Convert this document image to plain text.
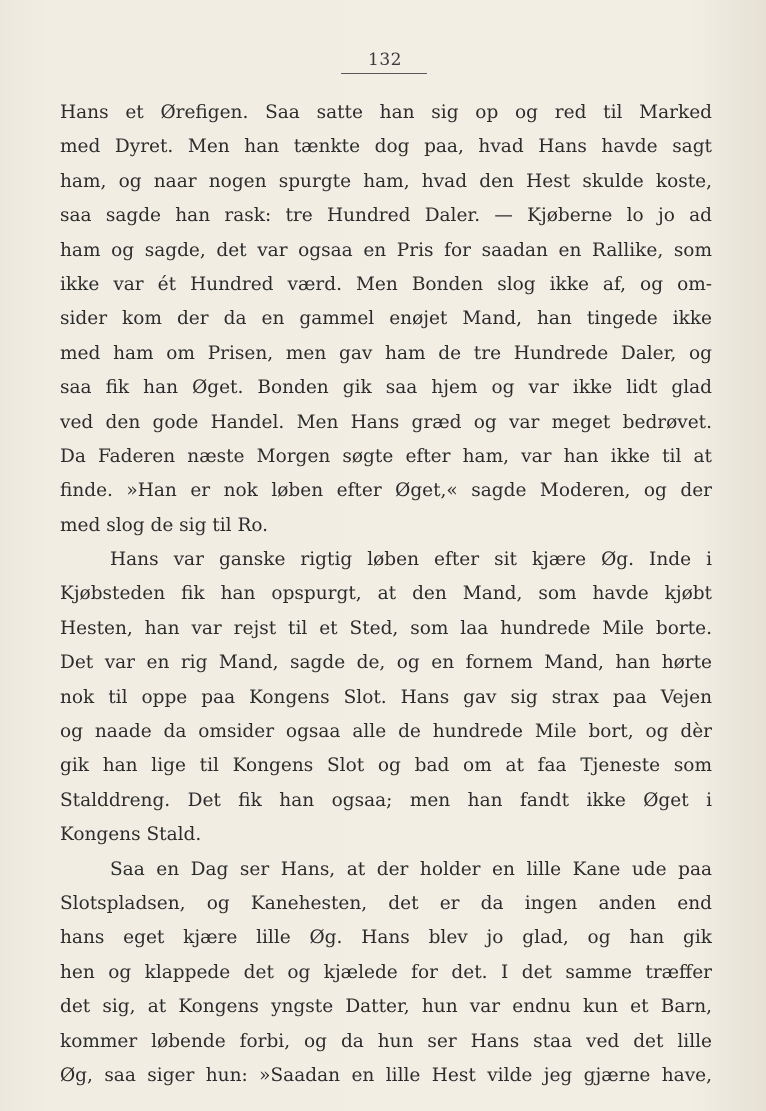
132
Hans et Ørefigen. Saa satte han sig op og red til Marked
med Dyret. Men han tænkte dog paa, hvad Hans havde sagt
ham, og naar nogen spurgte ham, hvad den Hest skulde koste,
saa sagde han rask: tre Hundred Daler. — Kjøberne lo jo ad
ham og sagde, det var ogsaa en Pris for saadan en Rallike, som
ikke var ét Hundred værd. Men Bonden slog ikke af, og om-
sider kom der da en gammel enøjet Mand, han tingede ikke
med ham om Prisen, men gav ham de tre Hundrede Daler, og
saa fik han Øget. Bonden gik saa hjem og var ikke lidt glad
ved den gode Handel. Men Hans græd og var meget bedrøvet.
Da Faderen næste Morgen søgte efter ham, var han ikke til at
finde. »Han er nok løben efter Øget,« sagde Moderen, og der
med slog de sig til Ro.
Hans var ganske rigtig løben efter sit kjære Øg. Inde i
Kjøbsteden fik han opspurgt, at den Mand, som havde kjøbt
Hesten, han var rejst til et Sted, som laa hundrede Mile borte.
Det var en rig Mand, sagde de, og en fornem Mand, han hørte
nok til oppe paa Kongens Slot. Hans gav sig strax paa Vejen
og naade da omsider ogsaa alle de hundrede Mile bort, og dèr
gik han lige til Kongens Slot og bad om at faa Tjeneste som
Stalddreng. Det fik han ogsaa; men han fandt ikke Øget i
Kongens Stald.
Saa en Dag ser Hans, at der holder en lille Kane ude paa
Slotspladsen, og Kanehesten, det er da ingen anden end
hans eget kjære lille Øg. Hans blev jo glad, og han gik
hen og klappede det og kjælede for det. I det samme træffer
det sig, at Kongens yngste Datter, hun var endnu kun et Barn,
kommer løbende forbi, og da hun ser Hans staa ved det lille
Øg, saa siger hun: »Saadan en lille Hest vilde jeg gjærne have,
